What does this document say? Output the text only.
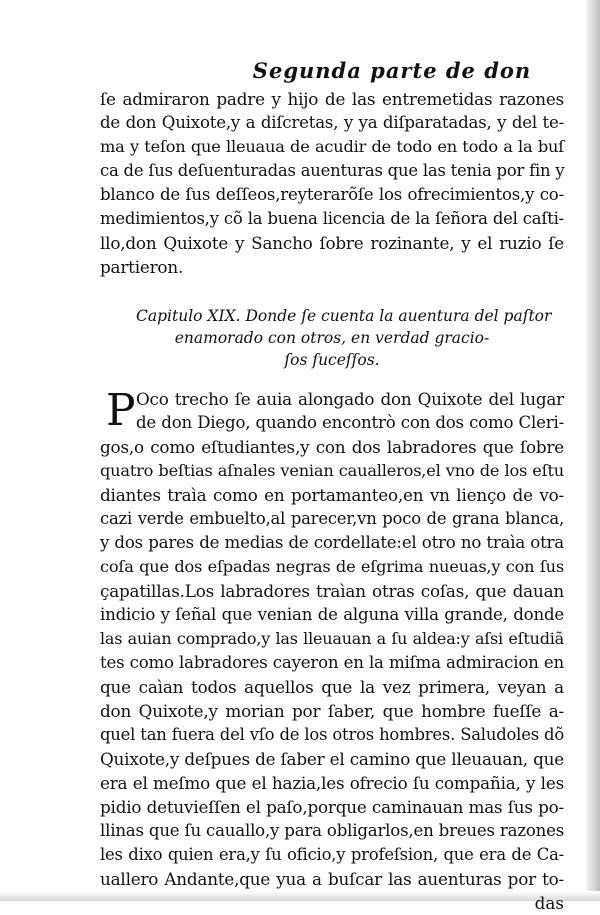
Segunda parte de don
ſe admiraron padre y hijo de las entremetidas razones
de don Quixote,y a diſcretas, y ya diſparatadas, y del te-
ma y teſon que lleuaua de acudir de todo en todo a la buſ
ca de ſus deſuenturadas auenturas que las tenia por fin y
blanco de ſus deſſeos,reyterarõſe los ofrecimientos,y co-
medimientos,y cõ la buena licencia de la ſeñora del caſti-
llo,don Quixote y Sancho ſobre rozinante, y el ruzio ſe
partieron.
Capitulo XIX. Donde ſe cuenta la auentura del paſtor
enamorado con otros, en verdad gracio-
ſos ſuceſſos.
P Oco trecho ſe auia alongado don Quixote del lugar
de don Diego, quando encontrò con dos como Cleri-
gos,o como eſtudiantes,y con dos labradores que ſobre
quatro beſtias aſnales venian caualleros,el vno de los eſtu
diantes traìa como en portamanteo,en vn lienço de vo-
cazi verde embuelto,al parecer,vn poco de grana blanca,
y dos pares de medias de cordellate:el otro no traìa otra
coſa que dos eſpadas negras de eſgrima nueuas,y con ſus
çapatillas.Los labradores traìan otras coſas, que dauan
indicio y ſeñal que venian de alguna villa grande, donde
las auian comprado,y las lleuauan a ſu aldea:y aſsi eſtudiã
tes como labradores cayeron en la miſma admiracion en
que caìan todos aquellos que la vez primera, veyan a
don Quixote,y morian por ſaber, que hombre fueſſe a-
quel tan fuera del vſo de los otros hombres. Saludoles dõ
Quixote,y deſpues de ſaber el camino que lleuauan, que
era el meſmo que el hazia,les ofrecio ſu compañia, y les
pidio detuvieſſen el paſo,porque caminauan mas ſus po-
llinas que ſu cauallo,y para obligarlos,en breues razones
les dixo quien era,y ſu oficio,y profeſsion, que era de Ca-
uallero Andante,que yua a buſcar las auenturas por to-
das
